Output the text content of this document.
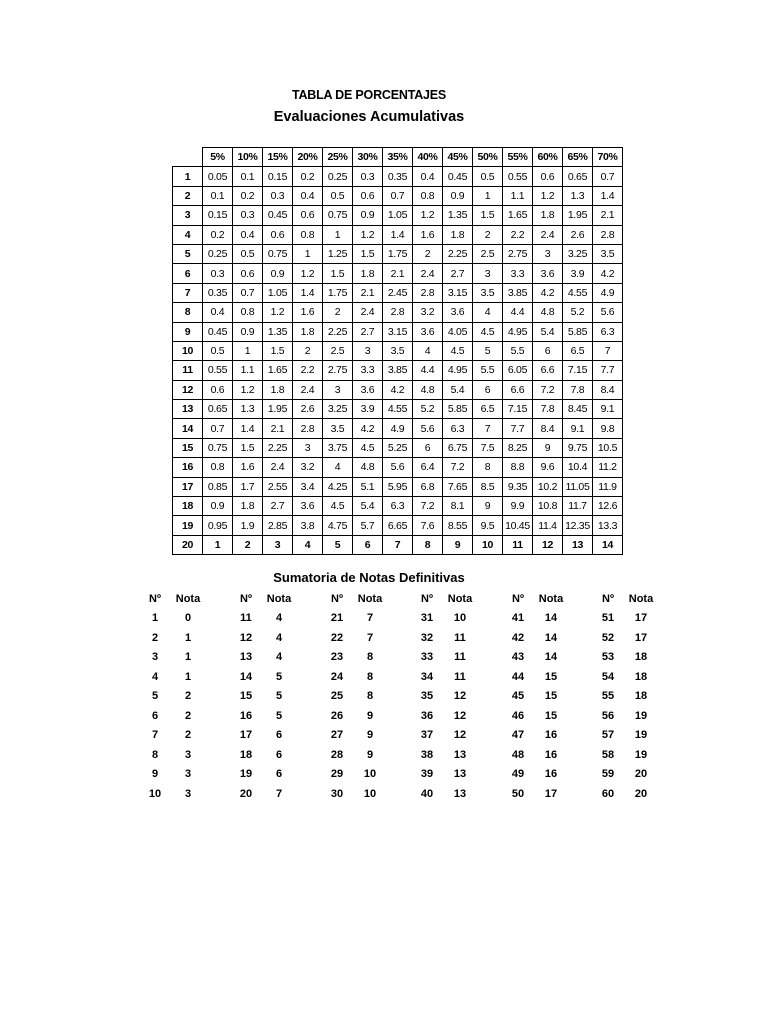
TABLA DE PORCENTAJES
Evaluaciones Acumulativas
	5%	10%	15%	20%	25%	30%	35%	40%	45%	50%	55%	60%	65%	70%
1	0.05	0.1	0.15	0.2	0.25	0.3	0.35	0.4	0.45	0.5	0.55	0.6	0.65	0.7
2	0.1	0.2	0.3	0.4	0.5	0.6	0.7	0.8	0.9	1	1.1	1.2	1.3	1.4
3	0.15	0.3	0.45	0.6	0.75	0.9	1.05	1.2	1.35	1.5	1.65	1.8	1.95	2.1
4	0.2	0.4	0.6	0.8	1	1.2	1.4	1.6	1.8	2	2.2	2.4	2.6	2.8
5	0.25	0.5	0.75	1	1.25	1.5	1.75	2	2.25	2.5	2.75	3	3.25	3.5
6	0.3	0.6	0.9	1.2	1.5	1.8	2.1	2.4	2.7	3	3.3	3.6	3.9	4.2
7	0.35	0.7	1.05	1.4	1.75	2.1	2.45	2.8	3.15	3.5	3.85	4.2	4.55	4.9
8	0.4	0.8	1.2	1.6	2	2.4	2.8	3.2	3.6	4	4.4	4.8	5.2	5.6
9	0.45	0.9	1.35	1.8	2.25	2.7	3.15	3.6	4.05	4.5	4.95	5.4	5.85	6.3
10	0.5	1	1.5	2	2.5	3	3.5	4	4.5	5	5.5	6	6.5	7
11	0.55	1.1	1.65	2.2	2.75	3.3	3.85	4.4	4.95	5.5	6.05	6.6	7.15	7.7
12	0.6	1.2	1.8	2.4	3	3.6	4.2	4.8	5.4	6	6.6	7.2	7.8	8.4
13	0.65	1.3	1.95	2.6	3.25	3.9	4.55	5.2	5.85	6.5	7.15	7.8	8.45	9.1
14	0.7	1.4	2.1	2.8	3.5	4.2	4.9	5.6	6.3	7	7.7	8.4	9.1	9.8
15	0.75	1.5	2.25	3	3.75	4.5	5.25	6	6.75	7.5	8.25	9	9.75	10.5
16	0.8	1.6	2.4	3.2	4	4.8	5.6	6.4	7.2	8	8.8	9.6	10.4	11.2
17	0.85	1.7	2.55	3.4	4.25	5.1	5.95	6.8	7.65	8.5	9.35	10.2	11.05	11.9
18	0.9	1.8	2.7	3.6	4.5	5.4	6.3	7.2	8.1	9	9.9	10.8	11.7	12.6
19	0.95	1.9	2.85	3.8	4.75	5.7	6.65	7.6	8.55	9.5	10.45	11.4	12.35	13.3
20	1	2	3	4	5	6	7	8	9	10	11	12	13	14
Sumatoria de Notas Definitivas
Nº	Nota
1	0
2	1
3	1
4	1
5	2
6	2
7	2
8	3
9	3
10	3
Nº	Nota
11	4
12	4
13	4
14	5
15	5
16	5
17	6
18	6
19	6
20	7
Nº	Nota
21	7
22	7
23	8
24	8
25	8
26	9
27	9
28	9
29	10
30	10
Nº	Nota
31	10
32	11
33	11
34	11
35	12
36	12
37	12
38	13
39	13
40	13
Nº	Nota
41	14
42	14
43	14
44	15
45	15
46	15
47	16
48	16
49	16
50	17
Nº	Nota
51	17
52	17
53	18
54	18
55	18
56	19
57	19
58	19
59	20
60	20
